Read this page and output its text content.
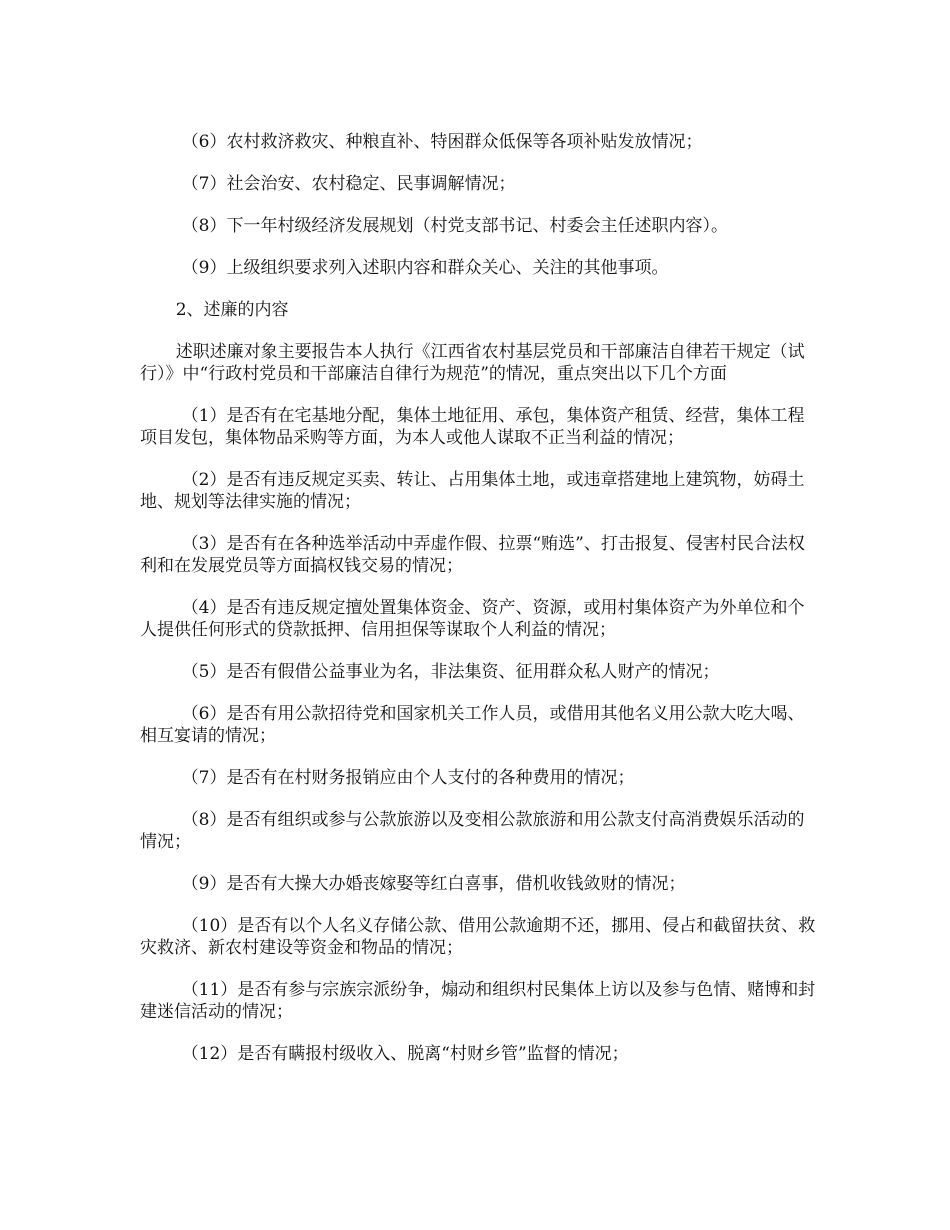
（6）农村救济救灾、种粮直补、特困群众低保等各项补贴发放情况；

（7）社会治安、农村稳定、民事调解情况；

（8）下一年村级经济发展规划（村党支部书记、村委会主任述职内容）。

（9）上级组织要求列入述职内容和群众关心、关注的其他事项。

2、述廉的内容

述职述廉对象主要报告本人执行《江西省农村基层党员和干部廉洁自律若干规定（试行）》中“行政村党员和干部廉洁自律行为规范”的情况，重点突出以下几个方面

（1）是否有在宅基地分配，集体土地征用、承包，集体资产租赁、经营，集体工程项目发包，集体物品采购等方面，为本人或他人谋取不正当利益的情况；

（2）是否有违反规定买卖、转让、占用集体土地，或违章搭建地上建筑物，妨碍土地、规划等法律实施的情况；

（3）是否有在各种选举活动中弄虚作假、拉票“贿选”、打击报复、侵害村民合法权利和在发展党员等方面搞权钱交易的情况；

（4）是否有违反规定擅处置集体资金、资产、资源，或用村集体资产为外单位和个人提供任何形式的贷款抵押、信用担保等谋取个人利益的情况；

（5）是否有假借公益事业为名，非法集资、征用群众私人财产的情况；

（6）是否有用公款招待党和国家机关工作人员，或借用其他名义用公款大吃大喝、相互宴请的情况；

（7）是否有在村财务报销应由个人支付的各种费用的情况；

（8）是否有组织或参与公款旅游以及变相公款旅游和用公款支付高消费娱乐活动的情况；

（9）是否有大操大办婚丧嫁娶等红白喜事，借机收钱敛财的情况；

（10）是否有以个人名义存储公款、借用公款逾期不还，挪用、侵占和截留扶贫、救灾救济、新农村建设等资金和物品的情况；

（11）是否有参与宗族宗派纷争，煽动和组织村民集体上访以及参与色情、赌博和封建迷信活动的情况；

（12）是否有瞒报村级收入、脱离“村财乡管”监督的情况；
